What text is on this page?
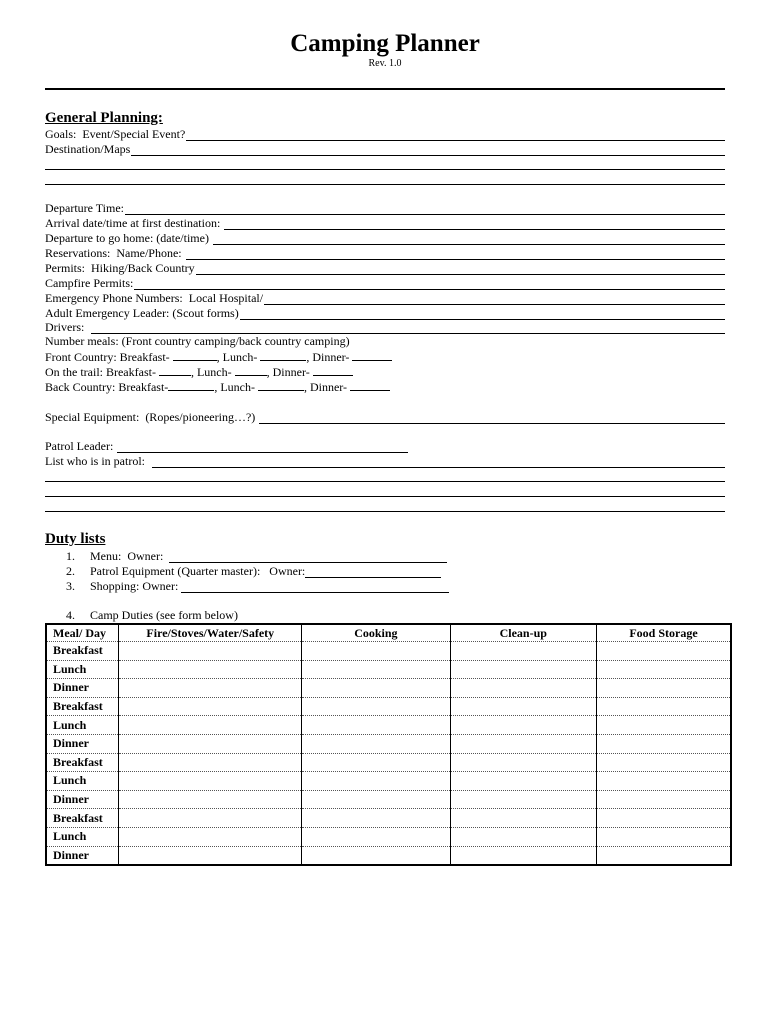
Camping Planner
Rev. 1.0
General Planning:
Goals:  Event/Special Event?
Destination/Maps
Departure Time:
Arrival date/time at first destination:
Departure to go home: (date/time)
Reservations:  Name/Phone:
Permits:  Hiking/Back Country
Campfire Permits:
Emergency Phone Numbers:  Local Hospital/
Adult Emergency Leader: (Scout forms)
Drivers:
Number meals: (Front country camping/back country camping)
Front Country: Breakfast-	, Lunch-	, Dinner-
On the trail: Breakfast-	, Lunch-	, Dinner-
Back Country: Breakfast-	, Lunch-	, Dinner-
Special Equipment:  (Ropes/pioneering…?)
Patrol Leader:
List who is in patrol:
Duty lists
1.	Menu:  Owner:
2.	Patrol Equipment (Quarter master):   Owner:
3.	Shopping: Owner:
4.	Camp Duties (see form below)
Meal/ Day	Fire/Stoves/Water/Safety	Cooking	Clean-up	Food Storage
Breakfast				
Lunch				
Dinner				
Breakfast				
Lunch				
Dinner				
Breakfast				
Lunch				
Dinner				
Breakfast				
Lunch				
Dinner				
